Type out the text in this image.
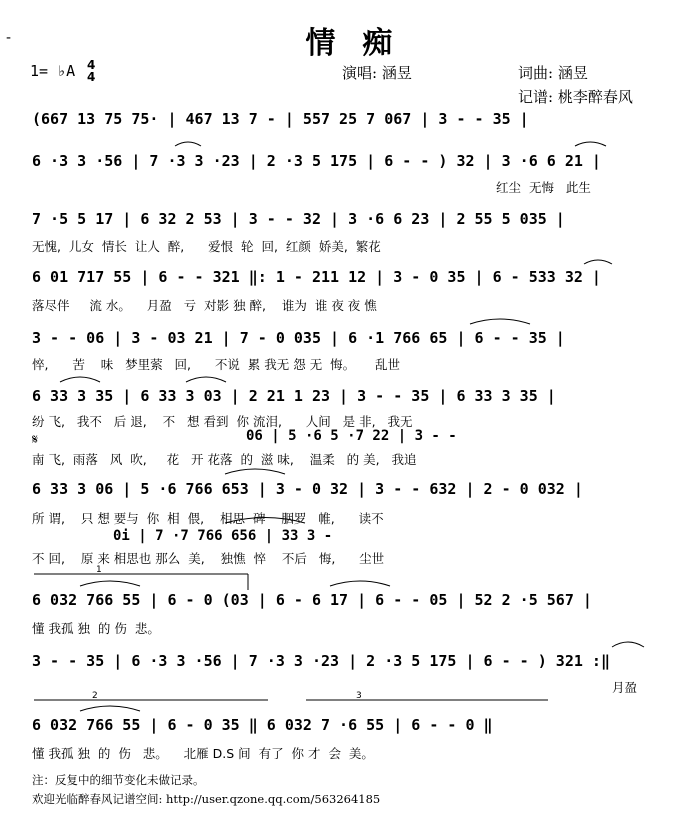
-	情  痴
1= ♭A 4
4	演唱: 涵昱	词曲: 涵昱
记谱: 桃李醉春风
(667 13 75 75· | 467 13 7 - | 557 25 7 067 | 3 - - 35 |
6 ·3 3 ·56 | 7 ·3 3 ·23 | 2 ·3 5 175 | 6 - - ) 32 | 3 ·6 6 21 |
红尘  无悔   此生
7 ·5 5 17 | 6 32 2 53 | 3 - - 32 | 3 ·6 6 23 | 2 55 5 035 |
无愧,  儿女  情长  让人  醉,      爱恨  轮  回,  红颜  娇美,  繁花
6 01 717 55 | 6 - - 321 ‖: 1 - 211 12 | 3 - 0 35 | 6 - 533 32 |
落尽伴     流 水。    月盈   亏  对影 独 醉,    谁为  谁 夜 夜 憔
3 - - 06 | 3 - 03 21 | 7 - 0 035 | 6 ·1 766 65 | 6 - - 35 |
悴,      苦    味   梦里萦   回,      不说  累 我无 怨 无  悔。     乱世
6 33 3 35 | 6 33 3 03 | 2 21 1 23 | 3 - - 35 | 6 33 3 35 |
纷 飞,   我不   后 退,    不   想 看到  你 流泪,      人间   是 非,   我无
06 | 5 ·6 5 ·7 22 | 3 - -
𝄋
南 飞,  雨落   风  吹,     花   开 花落  的  滋 味,    温柔   的 美,   我追
6 33 3 06 | 5 ·6 766 653 | 3 - 0 32 | 3 - - 632 | 2 - 0 032 |
所 谓,    只 想 要与  你  相  偎,    相思  碑    胭罗   帷,      读不
0i | 7 ·7 766 656 | 33 3 -
不 回,    原 来 相思也 那么  美,    独憔  悴    不后   悔,      尘世
6 032 766 55 | 6 - 0 (03 | 6 - 6 17 | 6 - - 05 | 52 2 ·5 567 |
懂 我孤 独  的 伤  悲。
3 - - 35 | 6 ·3 3 ·56 | 7 ·3 3 ·23 | 2 ·3 5 175 | 6 - - ) 321 :‖
月盈
6 032 766 55 | 6 - 0 35 ‖ 6 032 7 ·6 55 | 6 - - 0 ‖
懂 我孤 独  的  伤   悲。    北雁 D.S 间  有了  你 才  会  美。
1
2	3
注：反复中的细节变化未做记录。
欢迎光临醉春风记谱空间: http://user.qzone.qq.com/563264185
